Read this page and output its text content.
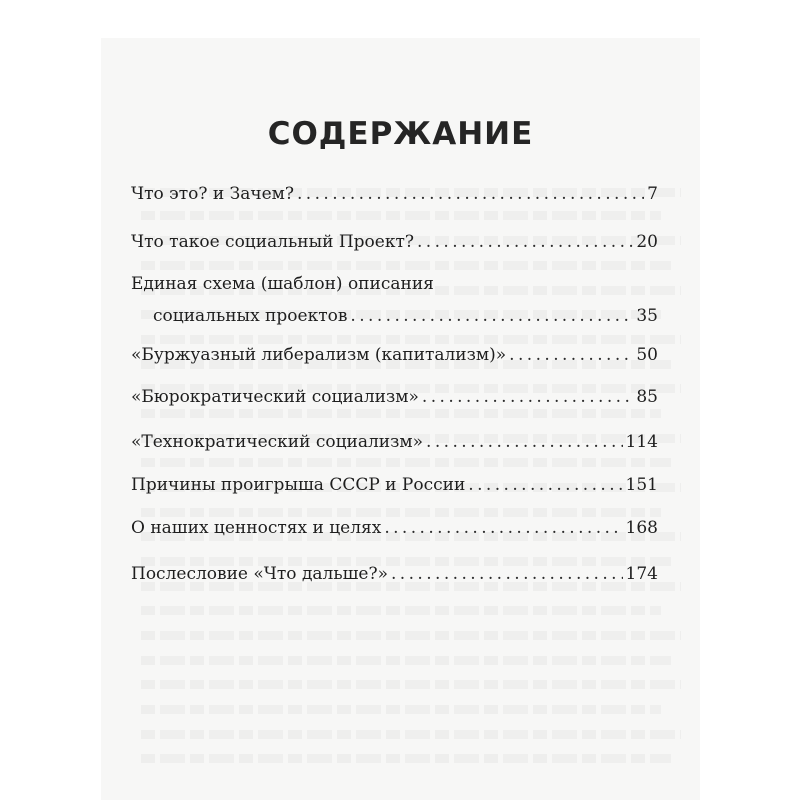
СОДЕРЖАНИЕ
Что это? и Зачем? . . .	7
Что такое социальный Проект? . . .	20
Единая схема (шаблон) описания
социальных проектов . . .	35
«Буржуазный либерализм (капитализм)» . . .	50
«Бюрократический социализм» . . .	85
«Технократический социализм» . . .	114
Причины проигрыша СССР и России . . .	151
О наших ценностях и целях . . .	168
Послесловие «Что дальше?» . . .	174
